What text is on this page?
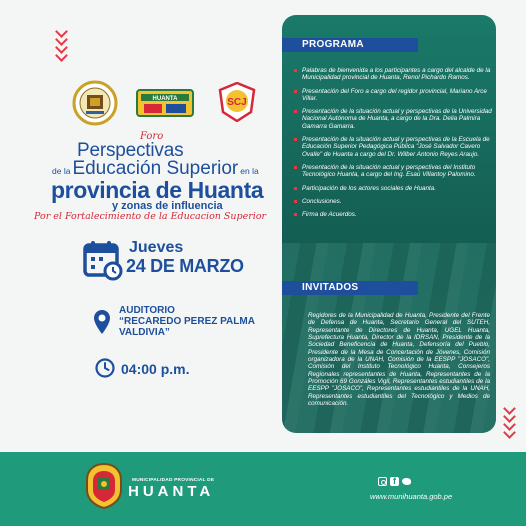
HUANTA	SCJ
Foro
Perspectivas
de la Educación Superior en la
provincia de Huanta
y zonas de influencia
Por el Fortalecimiento de la Educacion Superior
Jueves
24 DE MARZO
AUDITORIO
“RECAREDO PEREZ PALMA
VALDIVIA”
04:00 p.m.
PROGRAMA
Palabras de bienvenida a los participantes a cargo del alcalde de la Municipalidad provincial de Huanta, Renol Pichardo Ramos.
Presentación del Foro a cargo del regidor provincial, Mariano Arce Villar.
Presentación de la situación actual y perspectivas de la Universidad Nacional Autónoma de Huanta, a cargo de la Dra. Delia Palmira Gamarra Gamarra.
Presentación de la situación actual y perspectivas de la Escuela de Educación Superior Pedagógica Pública "José Salvador Cavero Ovalle" de Huanta a cargo del Dr. Wilber Antonio Reyes Araujo.
Presentación de la situación actual y perspectivas del Instituto Tecnológico Huanta, a cargo del Ing. Esaú Villantoy Palomino.
Participación de los actores sociales de Huanta.
Conclusiones.
Firma de Acuerdos.
INVITADOS
Regidores de la Municipalidad de Huanta, Presidente del Frente de Defensa de Huanta, Secretario General del SUTEH, Representante de Directores de Huanta, UGEL Huanta, Suprefectura Huanta, Director de la IDRSAN, Presidente de la Sociedad Beneficencia de Huanta, Defensoría del Pueblo, Presidente de la Mesa de Concertación de Jóvenes, Comisión organizadora de la UNAH, Comisión de la EESPP "JOSACO", Comisión del Instituto Tecnológico Huanta, Consejeros Regionales representantes de Huanta, Representantes de la Promoción 69 Gonzáles Vigil, Representantes estudiantiles de la EESPP "JOSACO", Representantes estudiantiles de la UNAH, Representantes estudiantiles del Tecnológico y Medios de comunicación.
MUNICIPALIDAD PROVINCIAL DE
HUANTA
f	www.munihuanta.gob.pe
